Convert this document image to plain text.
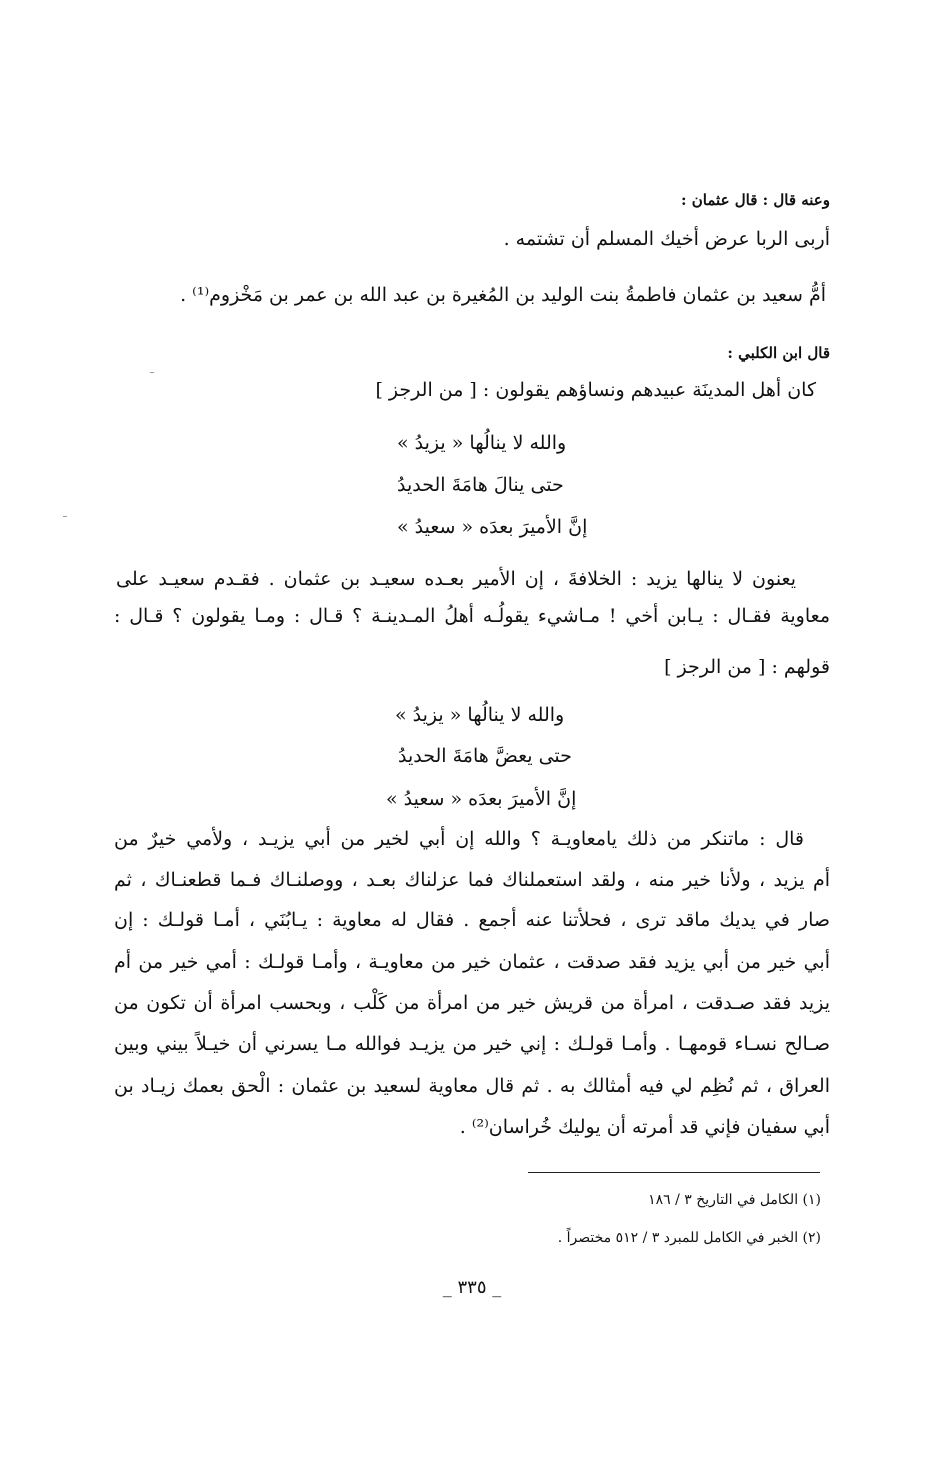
وعنه قال : قال عثمان :
أربى الربا عرض أخيك المسلم أن تشتمه .
أمُّ سعيد بن عثمان فاطمةُ بنت الوليد بن المُغيرة بن عبد الله بن عمر بن مَخْزوم⁽¹⁾ .
قال ابن الكلبي :
كان أهل المدينَة عبيدهم ونساؤهم يقولون : [ من الرجز ]
والله لا ينالُها « يزيدُ »
حتى ينالَ هامَةَ الحديدُ
إنَّ الأميرَ بعدَه « سعيدُ »
يعنون لا ينالها يزيد : الخلافةَ ، إن الأمير بعـده سعيـد بن عثمان . فقـدم سعيـد على
معاوية فقـال : يـابن أخي ! مـاشيء يقولُـه أهلُ المـدينـة ؟ قـال : ومـا يقولون ؟ قـال :
قولهم : [ من الرجز ]
والله لا ينالُها « يزيدُ »
حتى يعضَّ هامَةَ الحديدُ
إنَّ الأميرَ بعدَه « سعيدُ »
قال : ماتنكر من ذلك يامعاويـة ؟ والله إن أبي لخير من أبي يزيـد ، ولأمي خيرٌ من
أم يزيد ، ولأنا خير منه ، ولقد استعملناك فما عزلناك بعـد ، ووصلنـاك فـما قطعنـاك ، ثم
صار في يديك ماقد ترى ، فحلأتنا عنه أجمع . فقال له معاوية : يـابُنَي ، أمـا قولـك : إن
أبي خير من أبي يزيد فقد صدقت ، عثمان خير من معاويـة ، وأمـا قولـك : أمي خير من أم
يزيد فقد صـدقت ، امرأة من قريش خير من امرأة من كَلْب ، وبحسب امرأة أن تكون من
صـالح نسـاء قومهـا . وأمـا قولـك : إني خير من يزيـد فوالله مـا يسرني أن خيـلاً بيني وبين
العراق ، ثم نُظِم لي فيه أمثالك به . ثم قال معاوية لسعيد بن عثمان : الْحق بعمك زيـاد بن
أبي سفيان فإني قد أمرته أن يوليك خُراسان⁽²⁾ .
(١) الكامل في التاريخ ٣ / ١٨٦
(٢) الخبر في الكامل للمبرد ٣ / ٥١٢ مختصراً .
_ ٣٣٥ _
